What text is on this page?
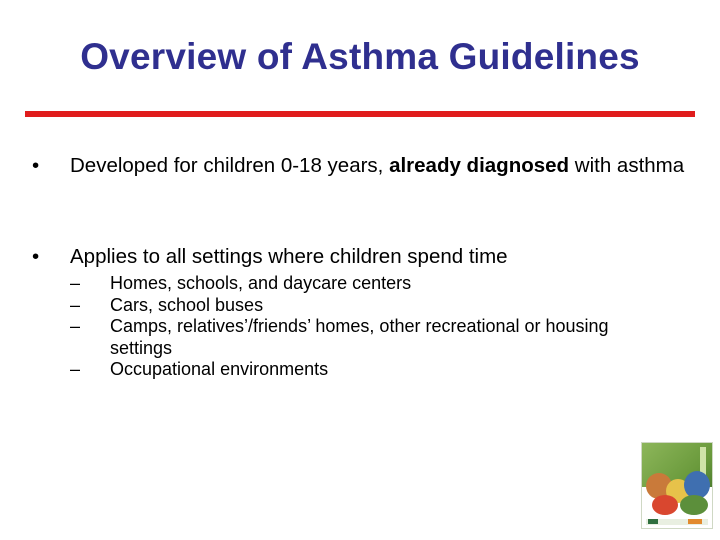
Overview of Asthma Guidelines
• Developed for children 0-18 years, already diagnosed with asthma
• Applies to all settings where children spend time
– Homes, schools, and daycare centers
– Cars, school buses
– Camps, relatives’/friends’ homes, other recreational or housing settings
– Occupational environments
